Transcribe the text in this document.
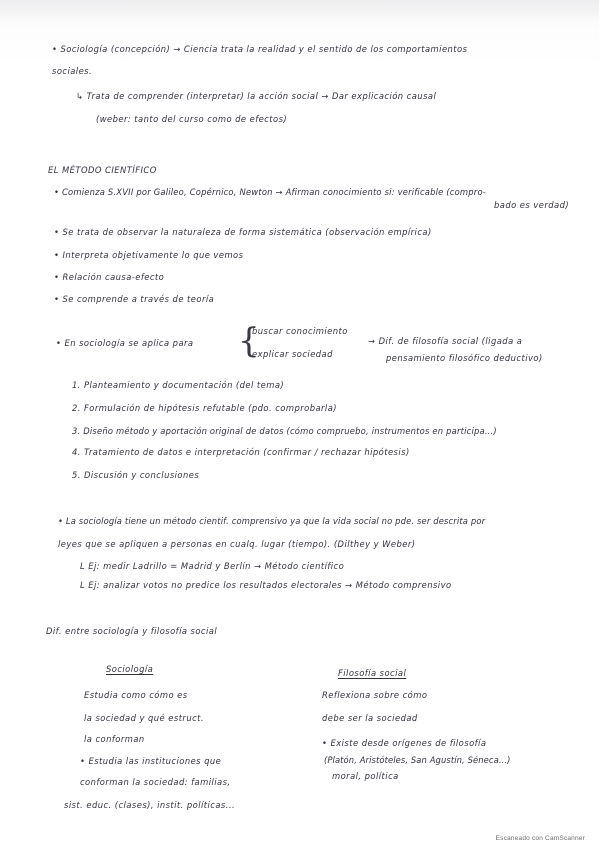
• Sociología (concepción) → Ciencia trata la realidad y el sentido de los comportamientos
sociales.
↳ Trata de comprender (interpretar) la acción social → Dar explicación causal
(weber: tanto del curso como de efectos)
EL MÉTODO CIENTÍFICO
• Comienza S.XVII por Galileo, Copérnico, Newton → Afirman conocimiento si: verificable (compro-
bado es verdad)
• Se trata de observar la naturaleza de forma sistemática (observación empírica)
• Interpreta objetivamente lo que vemos
• Relación causa-efecto
• Se comprende a través de teoría
• En sociología se aplica para {
buscar conocimiento
explicar sociedad
→ Dif. de filosofía social (ligada a
pensamiento filosófico deductivo)
1. Planteamiento y documentación (del tema)
2. Formulación de hipótesis refutable (pdo. comprobarla)
3. Diseño método y aportación original de datos (cómo compruebo, instrumentos en participa...)
4. Tratamiento de datos e interpretación (confirmar / rechazar hipótesis)
5. Discusión y conclusiones
• La sociología tiene un método cientif. comprensivo ya que la vida social no pde. ser descrita por
leyes que se apliquen a personas en cualq. lugar (tiempo). (Dilthey y Weber)
L Ej: medir Ladrillo = Madrid y Berlín → Método científico
L Ej: analizar votos no predice los resultados electorales → Método comprensivo
Dif. entre sociología y filosofía social
Sociología
Estudia como cómo es
la sociedad y qué estruct.
la conforman
• Estudia las instituciones que
conforman la sociedad: familias,
sist. educ. (clases), instit. políticas...
Filosofía social
Reflexiona sobre cómo
debe ser la sociedad
• Existe desde orígenes de filosofía
(Platón, Aristóteles, San Agustín, Séneca...)
moral, política
Escaneado con CamScanner
